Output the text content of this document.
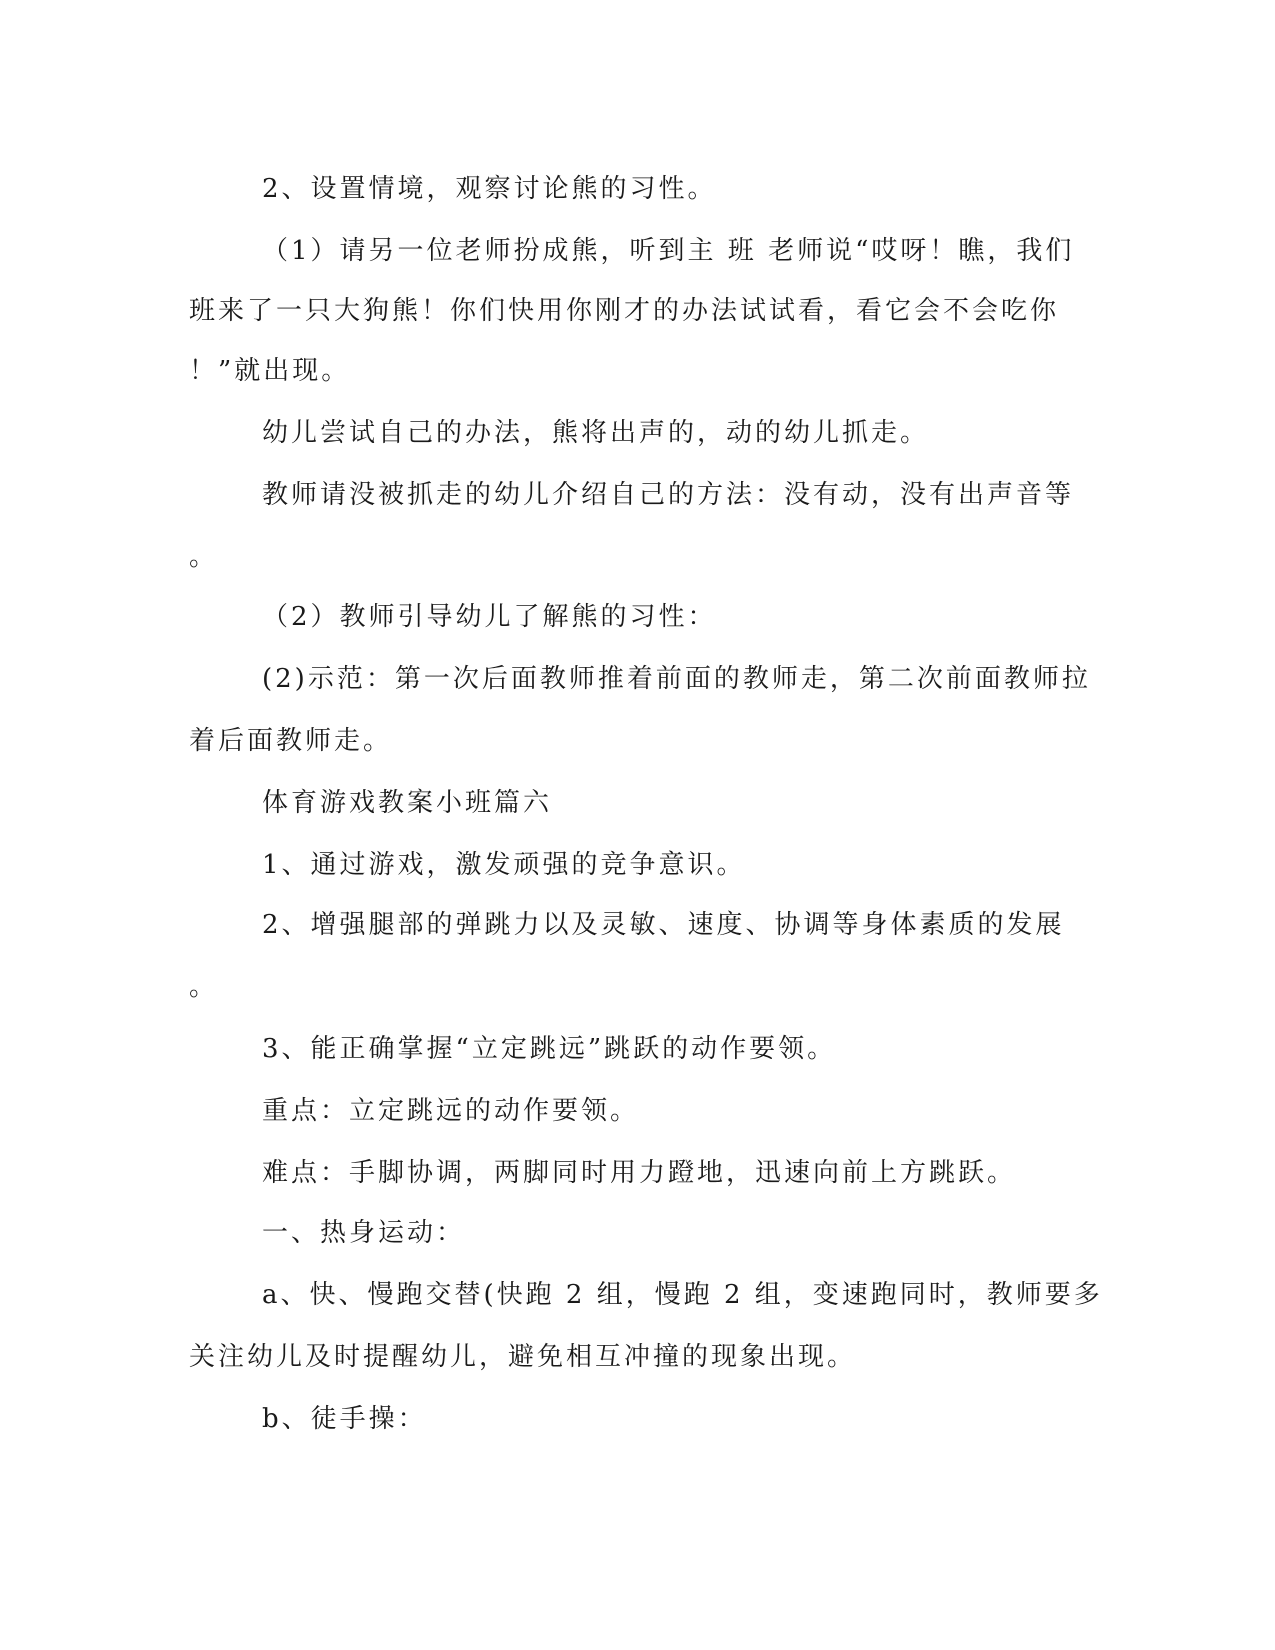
2、设置情境，观察讨论熊的习性。

（1）请另一位老师扮成熊，听到主 班 老师说“哎呀！瞧，我们

班来了一只大狗熊！你们快用你刚才的办法试试看，看它会不会吃你

！”就出现。

幼儿尝试自己的办法，熊将出声的，动的幼儿抓走。

教师请没被抓走的幼儿介绍自己的方法：没有动，没有出声音等

。

（2）教师引导幼儿了解熊的习性：

(2)示范：第一次后面教师推着前面的教师走，第二次前面教师拉

着后面教师走。

体育游戏教案小班篇六

1、通过游戏，激发顽强的竞争意识。

2、增强腿部的弹跳力以及灵敏、速度、协调等身体素质的发展

。

3、能正确掌握“立定跳远”跳跃的动作要领。

重点：立定跳远的动作要领。

难点：手脚协调，两脚同时用力蹬地，迅速向前上方跳跃。

一、热身运动：

a、快、慢跑交替(快跑 2 组，慢跑 2 组，变速跑同时，教师要多

关注幼儿及时提醒幼儿，避免相互冲撞的现象出现。

b、徒手操：
